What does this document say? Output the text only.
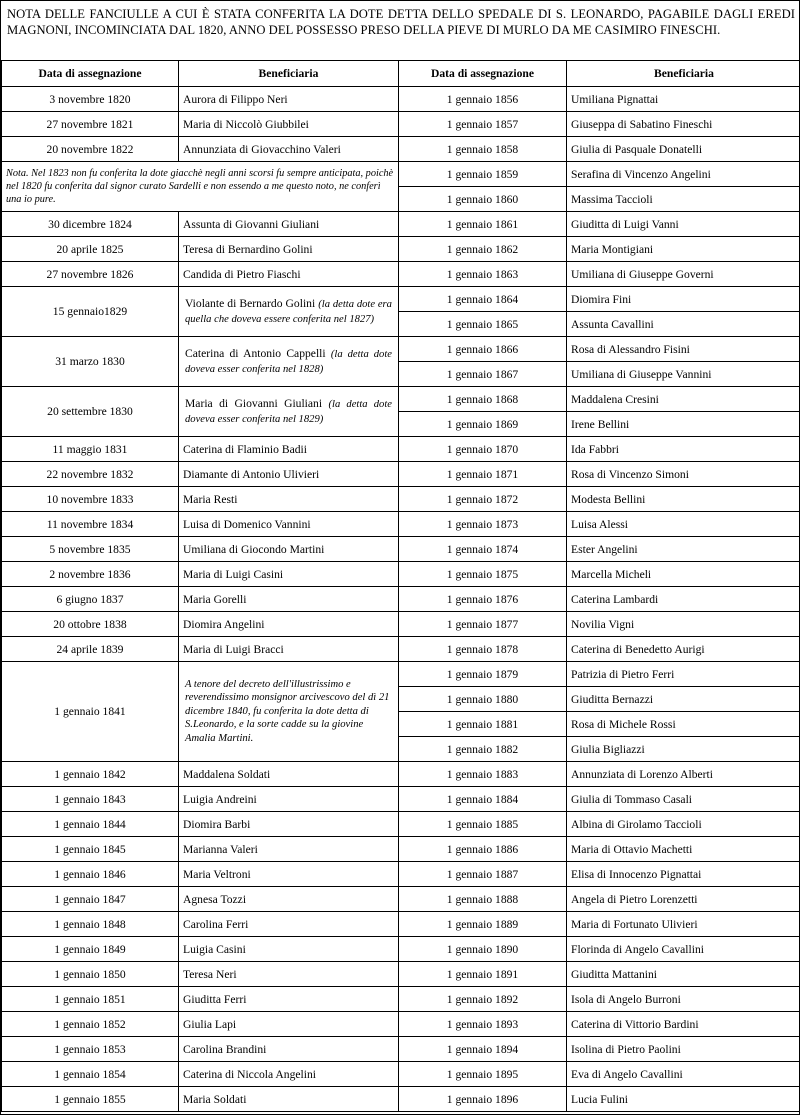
NOTA DELLE FANCIULLE A CUI È STATA CONFERITA LA DOTE DETTA DELLO SPEDALE DI S. LEONARDO, PAGABILE DAGLI EREDI MAGNONI, INCOMINCIATA DAL 1820, ANNO DEL POSSESSO PRESO DELLA PIEVE DI MURLO DA ME CASIMIRO FINESCHI.
Data di assegnazione	Beneficiaria	Data di assegnazione	Beneficiaria
3 novembre 1820	Aurora di Filippo Neri	1 gennaio 1856	Umiliana Pignattai
27 novembre 1821	Maria di Niccolò Giubbilei	1 gennaio 1857	Giuseppa di Sabatino Fineschi
20 novembre 1822	Annunziata di Giovacchino Valeri	1 gennaio 1858	Giulia di Pasquale Donatelli
Nota. Nel 1823 non fu conferita la dote giacchè negli anni scorsi fu sempre anticipata, poichè nel 1820 fu conferita dal signor curato Sardelli e non essendo a me questo noto, ne conferì una io pure.		1 gennaio 1859	Serafina di Vincenzo Angelini
		1 gennaio 1860	Massima Taccioli
30 dicembre 1824	Assunta di Giovanni Giuliani	1 gennaio 1861	Giuditta di Luigi Vanni
20 aprile 1825	Teresa di Bernardino Golini	1 gennaio 1862	Maria Montigiani
27 novembre 1826	Candida di Pietro Fiaschi	1 gennaio 1863	Umiliana di Giuseppe Governi
15 gennaio1829	Violante di Bernardo Golini (la detta dote era quella che doveva essere conferita nel 1827)	1 gennaio 1864	Diomira Fini
		1 gennaio 1865	Assunta Cavallini
31 marzo 1830	Caterina di Antonio Cappelli (la detta dote doveva esser conferita nel 1828)	1 gennaio 1866	Rosa di Alessandro Fisini
		1 gennaio 1867	Umiliana di Giuseppe Vannini
20 settembre 1830	Maria di Giovanni Giuliani (la detta dote doveva esser conferita nel 1829)	1 gennaio 1868	Maddalena Cresini
		1 gennaio 1869	Irene Bellini
11 maggio 1831	Caterina di Flaminio Badii	1 gennaio 1870	Ida Fabbri
22 novembre 1832	Diamante di Antonio Ulivieri	1 gennaio 1871	Rosa di Vincenzo Simoni
10 novembre 1833	Maria Resti	1 gennaio 1872	Modesta Bellini
11 novembre 1834	Luisa di Domenico Vannini	1 gennaio 1873	Luisa Alessi
5 novembre 1835	Umiliana di Giocondo Martini	1 gennaio 1874	Ester Angelini
2 novembre 1836	Maria di Luigi Casini	1 gennaio 1875	Marcella Micheli
6 giugno 1837	Maria Gorelli	1 gennaio 1876	Caterina Lambardi
20 ottobre 1838	Diomira Angelini	1 gennaio 1877	Novilia Vigni
24 aprile 1839	Maria di Luigi Bracci	1 gennaio 1878	Caterina di Benedetto Aurigi
1 gennaio 1841	A tenore del decreto dell'illustrissimo e reverendissimo monsignor arcivescovo del dì 21 dicembre 1840, fu conferita la dote detta di S.Leonardo, e la sorte cadde su la giovine Amalia Martini.	1 gennaio 1879	Patrizia di Pietro Ferri
		1 gennaio 1880	Giuditta Bernazzi
		1 gennaio 1881	Rosa di Michele Rossi
		1 gennaio 1882	Giulia Bigliazzi
1 gennaio 1842	Maddalena Soldati	1 gennaio 1883	Annunziata di Lorenzo Alberti
1 gennaio 1843	Luigia Andreini	1 gennaio 1884	Giulia di Tommaso Casali
1 gennaio 1844	Diomira Barbi	1 gennaio 1885	Albina di Girolamo Taccioli
1 gennaio 1845	Marianna Valeri	1 gennaio 1886	Maria di Ottavio Machetti
1 gennaio 1846	Maria Veltroni	1 gennaio 1887	Elisa di Innocenzo Pignattai
1 gennaio 1847	Agnesa Tozzi	1 gennaio 1888	Angela di Pietro Lorenzetti
1 gennaio 1848	Carolina Ferri	1 gennaio 1889	Maria di Fortunato Ulivieri
1 gennaio 1849	Luigia Casini	1 gennaio 1890	Florinda di Angelo Cavallini
1 gennaio 1850	Teresa Neri	1 gennaio 1891	Giuditta Mattanini
1 gennaio 1851	Giuditta Ferri	1 gennaio 1892	Isola di Angelo Burroni
1 gennaio 1852	Giulia Lapi	1 gennaio 1893	Caterina di Vittorio Bardini
1 gennaio 1853	Carolina Brandini	1 gennaio 1894	Isolina di Pietro Paolini
1 gennaio 1854	Caterina di Niccola Angelini	1 gennaio 1895	Eva di Angelo Cavallini
1 gennaio 1855	Maria Soldati	1 gennaio 1896	Lucia Fulini
